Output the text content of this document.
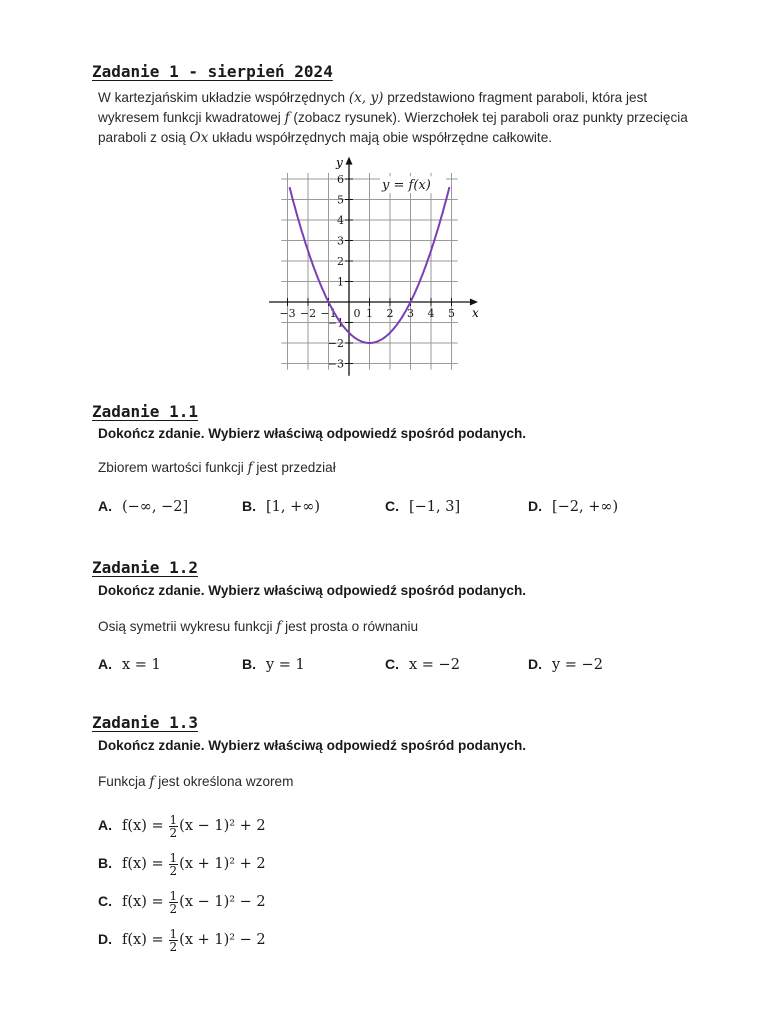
Zadanie 1 - sierpień 2024
W kartezjańskim układzie współrzędnych (x, y) przedstawiono fragment paraboli, która jest wykresem funkcji kwadratowej f (zobacz rysunek). Wierzchołek tej paraboli oraz punkty przecięcia paraboli z osią Ox układu współrzędnych mają obie współrzędne całkowite.
−3 −2 −1 0 1 2 3 4 5
6
5
4
3
2
1
−1
−2
−3
x
y
y = f(x)
Zadanie 1.1
Dokończ zdanie. Wybierz właściwą odpowiedź spośród podanych.
Zbiorem wartości funkcji f jest przedział
A. (−∞, −2]	B. [1, +∞)	C. [−1, 3]	D. [−2, +∞)
Zadanie 1.2
Dokończ zdanie. Wybierz właściwą odpowiedź spośród podanych.
Osią symetrii wykresu funkcji f jest prosta o równaniu
A. x = 1	B. y = 1	C. x = −2	D. y = −2
Zadanie 1.3
Dokończ zdanie. Wybierz właściwą odpowiedź spośród podanych.
Funkcja f jest określona wzorem
A. $f(x) = \frac{1}{2} (x - 1)^2 + 2$
B. $f(x) = \frac{1}{2} (x + 1)^2 + 2$
C. $f(x) = \frac{1}{2} (x - 1)^2 - 2$
D. $f(x) = \frac{1}{2} (x + 1)^2 - 2$
